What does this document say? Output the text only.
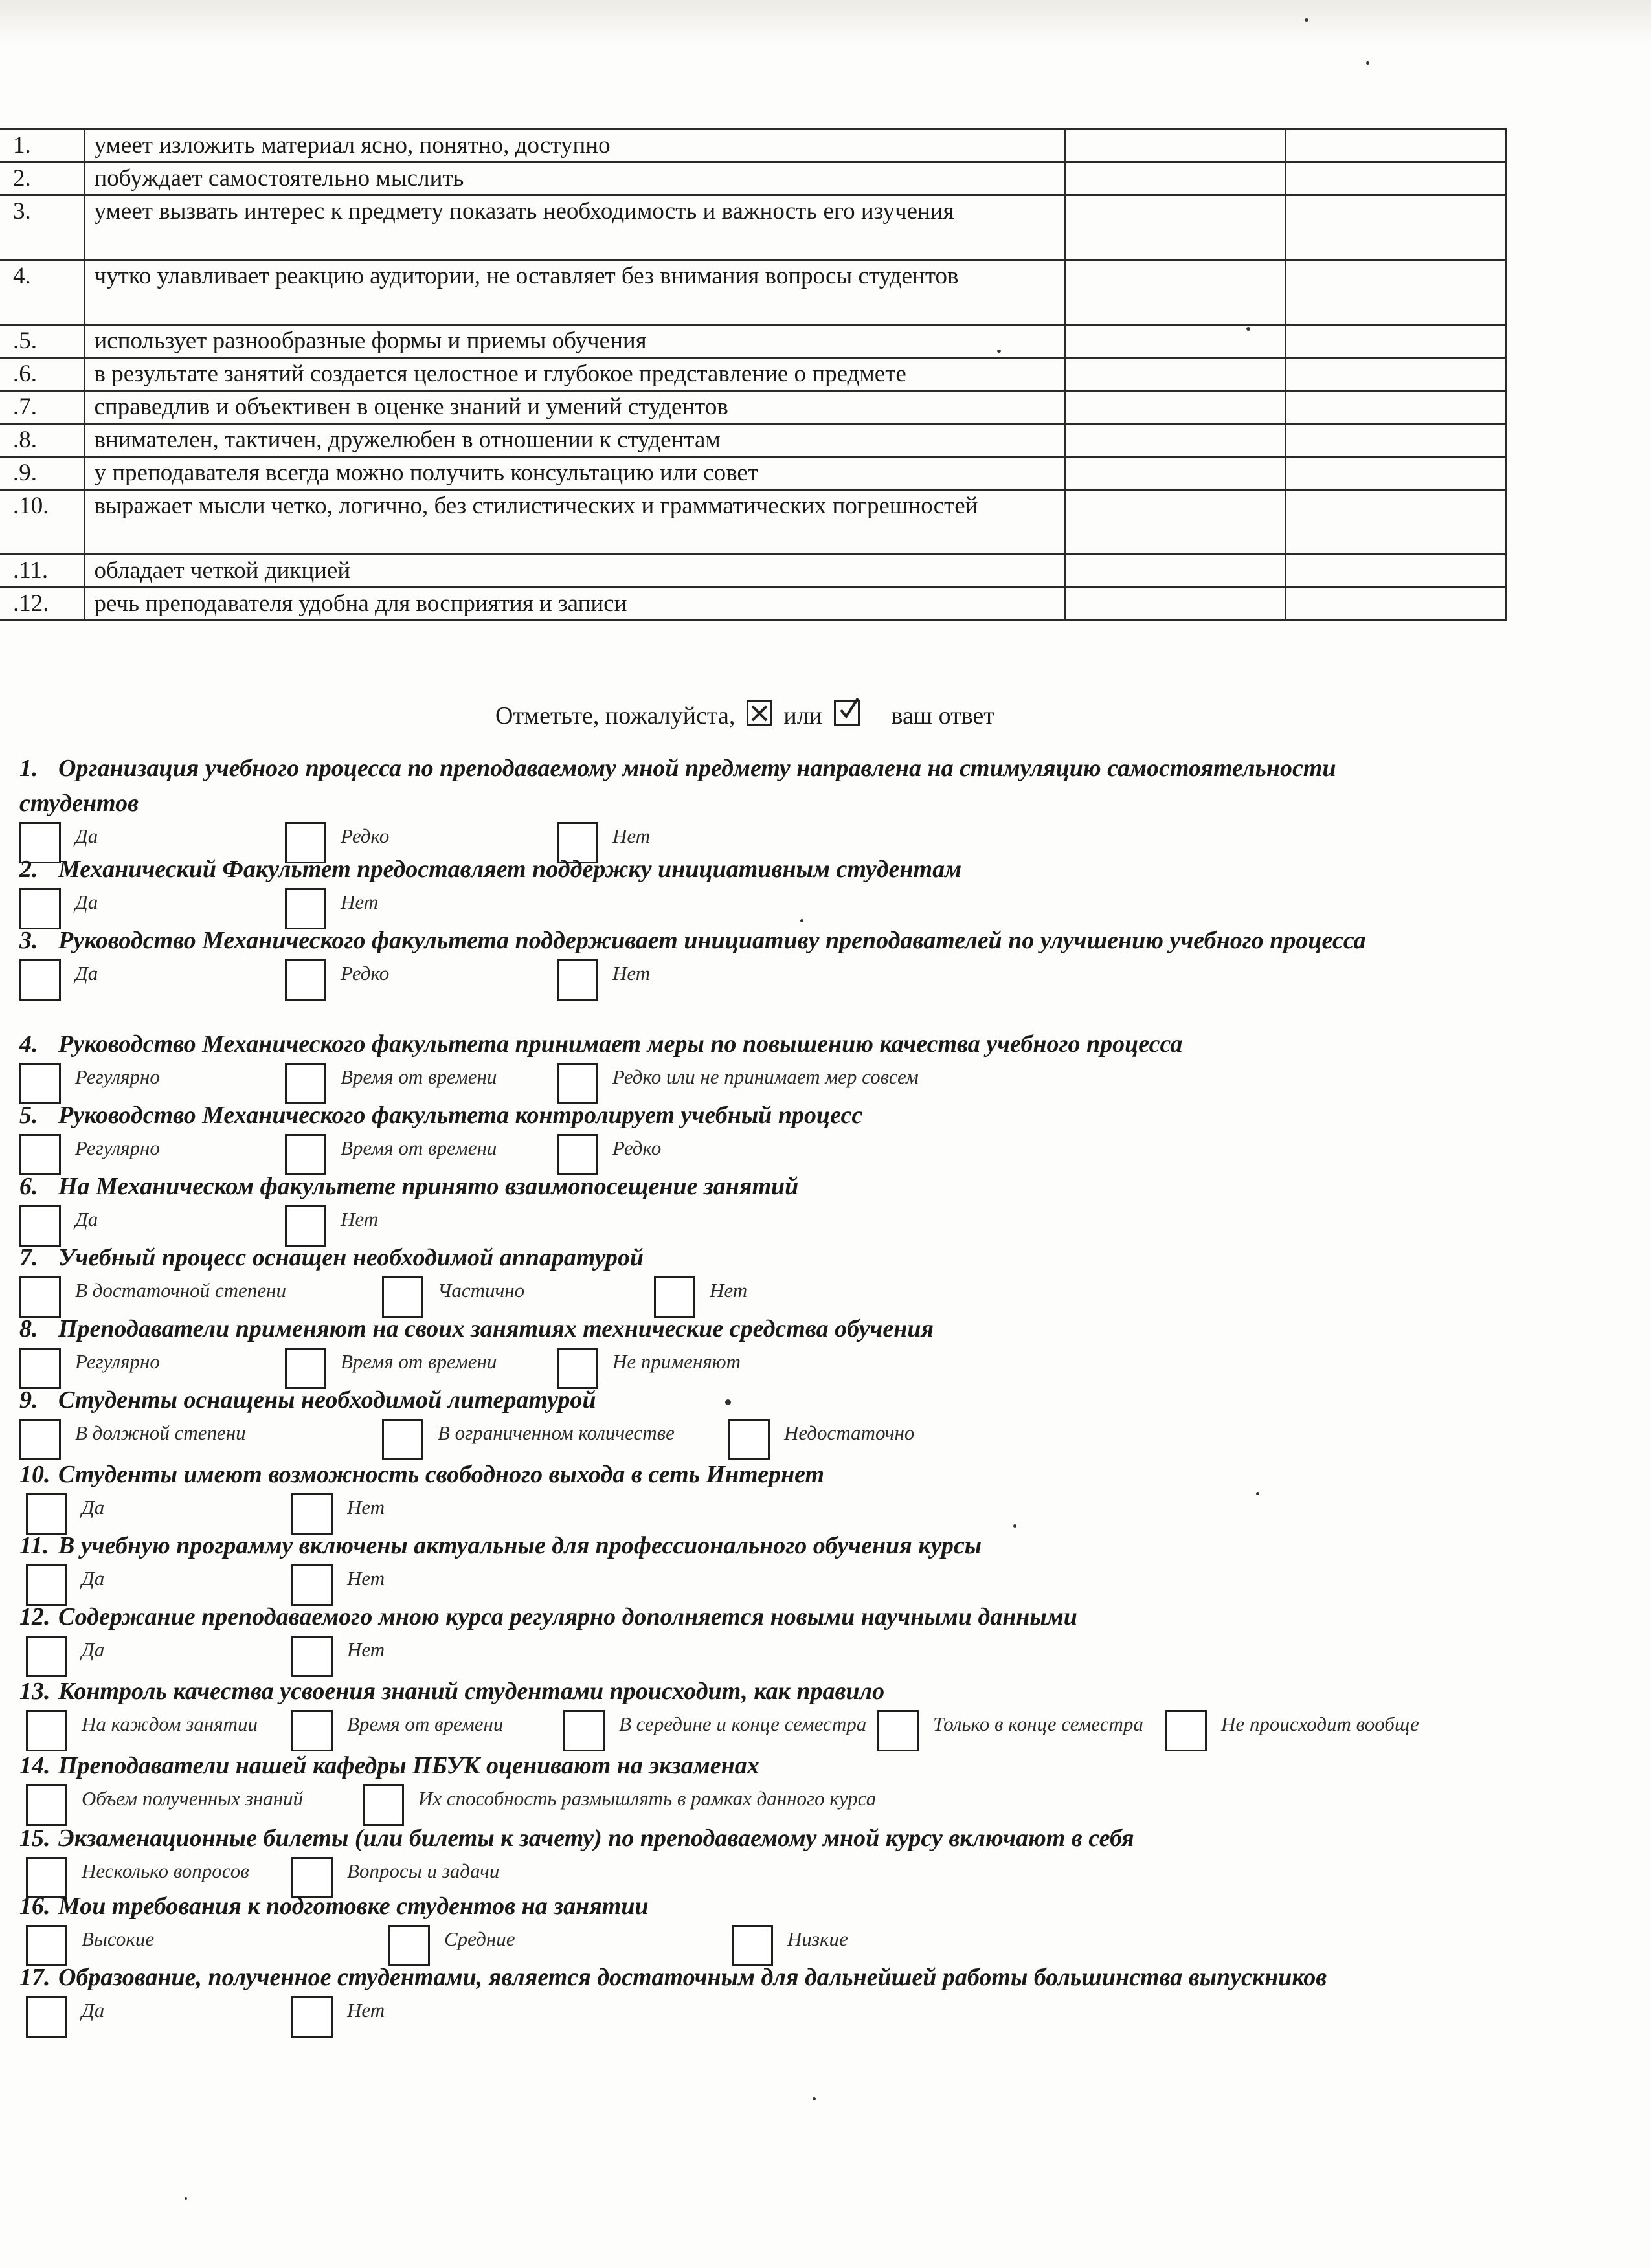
1.	умеет изложить материал ясно, понятно, доступно		
2.	побуждает самостоятельно мыслить		
3.	умеет вызвать интерес к предмету показать необходимость и важность его изучения		
4.	чутко улавливает реакцию аудитории, не оставляет без внимания вопросы студентов		
.5.	использует разнообразные формы и приемы обучения		
.6.	в результате занятий создается целостное и глубокое представление о предмете		
.7.	справедлив и объективен в оценке знаний и умений студентов		
.8.	внимателен, тактичен, дружелюбен в отношении к студентам		
.9.	у преподавателя всегда можно получить консультацию или совет		
.10.	выражает мысли четко, логично, без стилистических и грамматических погрешностей		
.11.	обладает четкой дикцией		
.12.	речь преподавателя удобна для восприятия и записи		
Отметьте, пожалуйста, ☒ или	ваш ответ

1. Организация учебного процесса по преподаваемому мной предмету направлена на стимуляцию самостоятельности студентов

Да	Редко	Нет

2. Механический Факультет предоставляет поддержку инициативным студентам

Да	Нет

3. Руководство Механического факультета поддерживает инициативу преподавателей по улучшению учебного процесса

Да	Редко	Нет

4. Руководство Механического факультета принимает меры по повышению качества учебного процесса

Регулярно	Время от времени	Редко или не принимает мер совсем

5. Руководство Механического факультета контролирует учебный процесс

Регулярно	Время от времени	Редко

6. На Механическом факультете принято взаимопосещение занятий

Да	Нет

7. Учебный процесс оснащен необходимой аппаратурой

В достаточной степени	Частично	Нет

8. Преподаватели применяют на своих занятиях технические средства обучения

Регулярно	Время от времени	Не применяют

9. Студенты оснащены необходимой литературой

В должной степени	В ограниченном количестве	Недостаточно

10. Студенты имеют возможность свободного выхода в сеть Интернет

Да	Нет

11. В учебную программу включены актуальные для профессионального обучения курсы

Да	Нет

12. Содержание преподаваемого мною курса регулярно дополняется новыми научными данными

Да	Нет

13. Контроль качества усвоения знаний студентами происходит, как правило

На каждом занятии	Время от времени	В середине и конце семестра	Только в конце семестра	Не происходит вообще

14. Преподаватели нашей кафедры ПБУК оценивают на экзаменах

Объем полученных знаний	Их способность размышлять в рамках данного курса

15. Экзаменационные билеты (или билеты к зачету) по преподаваемому мной курсу включают в себя

Несколько вопросов	Вопросы и задачи

16. Мои требования к подготовке студентов на занятии

Высокие	Средние	Низкие

17. Образование, полученное студентами, является достаточным для дальнейшей работы большинства выпускников

Да	Нет
